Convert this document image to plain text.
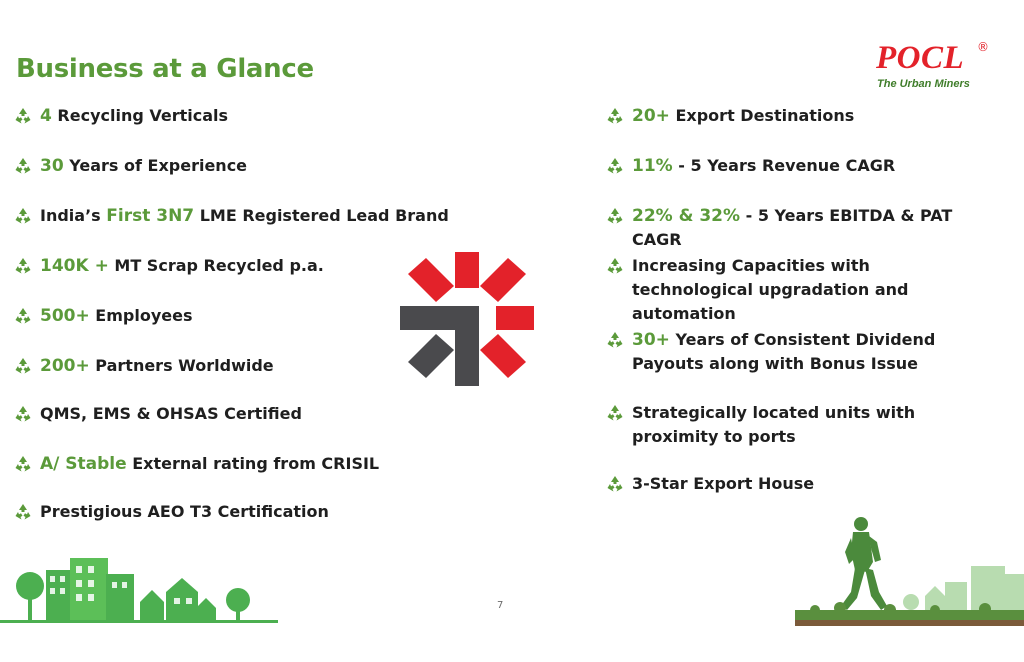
Business at a Glance	POCL ®
The Urban Miners
4 Recycling Verticals
30 Years of Experience
India’s First 3N7 LME Registered Lead Brand
140K + MT Scrap Recycled p.a.
500+ Employees
200+ Partners Worldwide
QMS, EMS & OHSAS Certified
A/ Stable External rating from CRISIL
Prestigious AEO T3 Certification
20+ Export Destinations
11% - 5 Years Revenue CAGR
22% & 32% - 5 Years EBITDA & PAT CAGR
Increasing Capacities with technological upgradation and automation
30+ Years of Consistent Dividend Payouts along with Bonus Issue
Strategically located units with proximity to ports
3-Star Export House
7
